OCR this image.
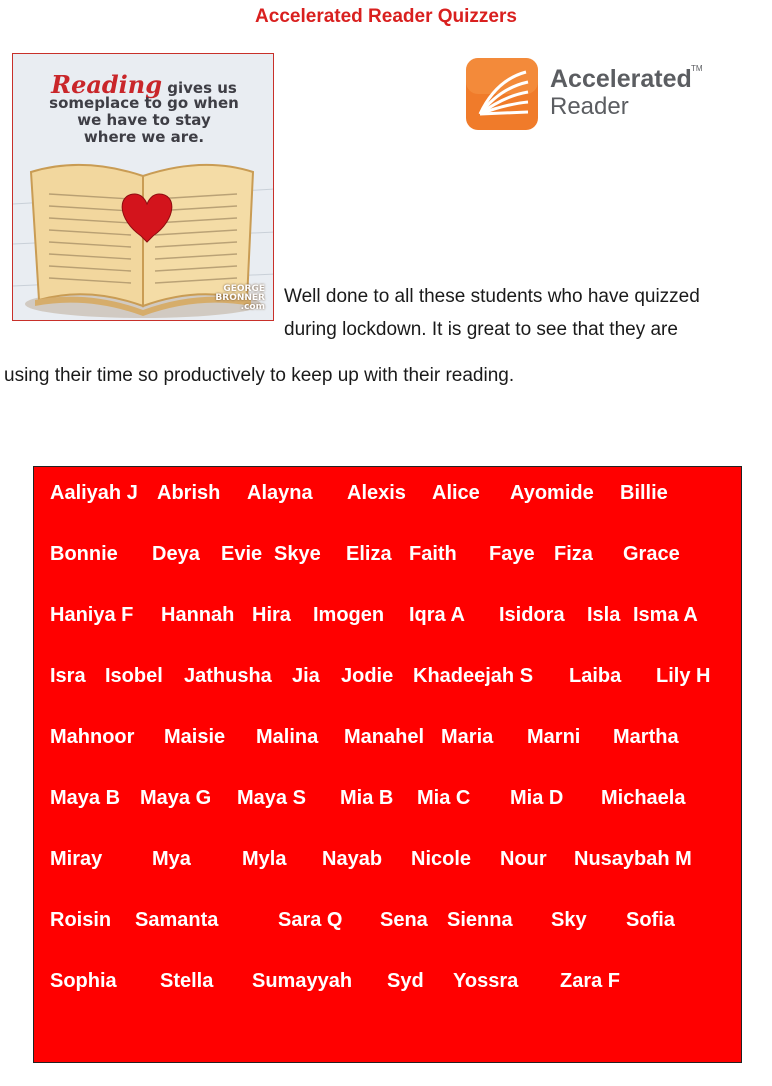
Accelerated Reader Quizzers
Reading gives us
someplace to go when
we have to stay
where we are.
GEORGE
BRONNER
.com
Accelerated TM
Reader
Well done to all these students who have quizzed
during lockdown. It is great to see that they are
using their time so productively to keep up with their reading.
Aaliyah J Abrish Alayna Alexis Alice Ayomide Billie
Bonnie Deya Evie Skye Eliza Faith Faye Fiza Grace
Haniya F Hannah Hira Imogen Iqra A Isidora Isla Isma A
Isra Isobel Jathusha Jia Jodie Khadeejah S Laiba Lily H
Mahnoor Maisie Malina Manahel Maria Marni Martha
Maya B Maya G Maya S Mia B Mia C Mia D Michaela
Miray Mya	Myla Nayab Nicole Nour Nusaybah M
Roisin Samanta	Sara Q Sena Sienna Sky Sofia
Sophia Stella Sumayyah Syd Yossra Zara F
